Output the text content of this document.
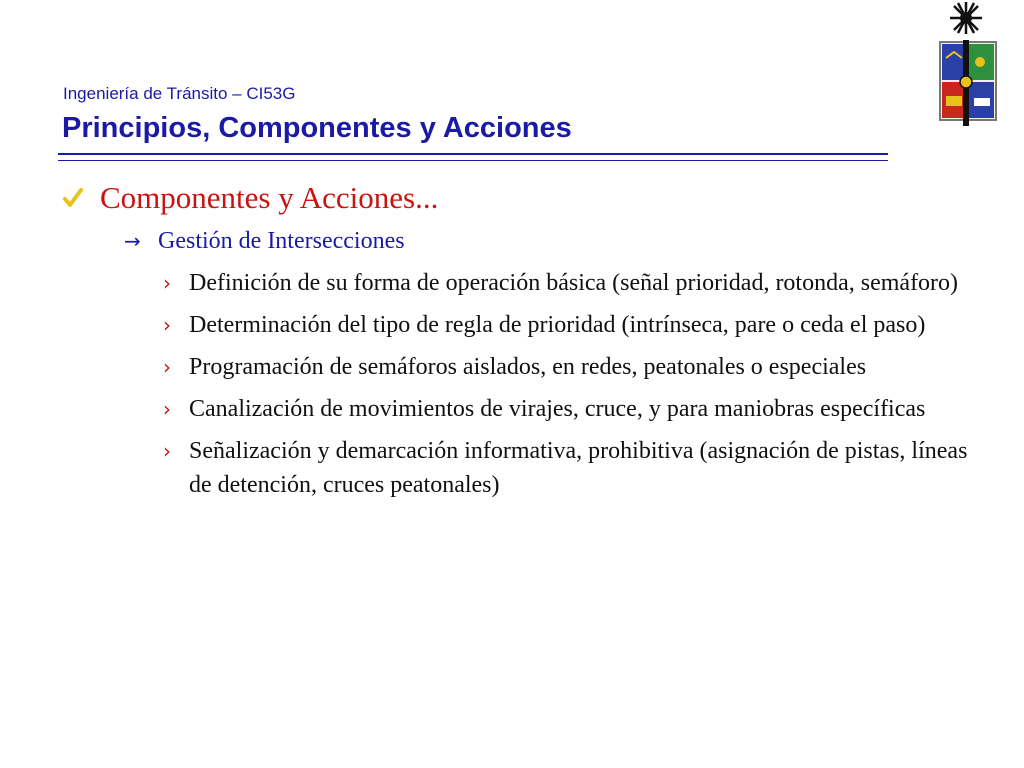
Ingeniería de Tránsito – CI53G
Principios, Componentes y Acciones
Componentes y Acciones...
→ Gestión de Intersecciones
› Definición de su forma de operación básica (señal prioridad, rotonda, semáforo)
› Determinación del tipo de regla de prioridad (intrínseca, pare o ceda el paso)
› Programación de semáforos aislados, en redes, peatonales o especiales
› Canalización de movimientos de virajes, cruce, y para maniobras específicas
› Señalización y demarcación informativa, prohibitiva (asignación de pistas, líneas de detención, cruces peatonales)
